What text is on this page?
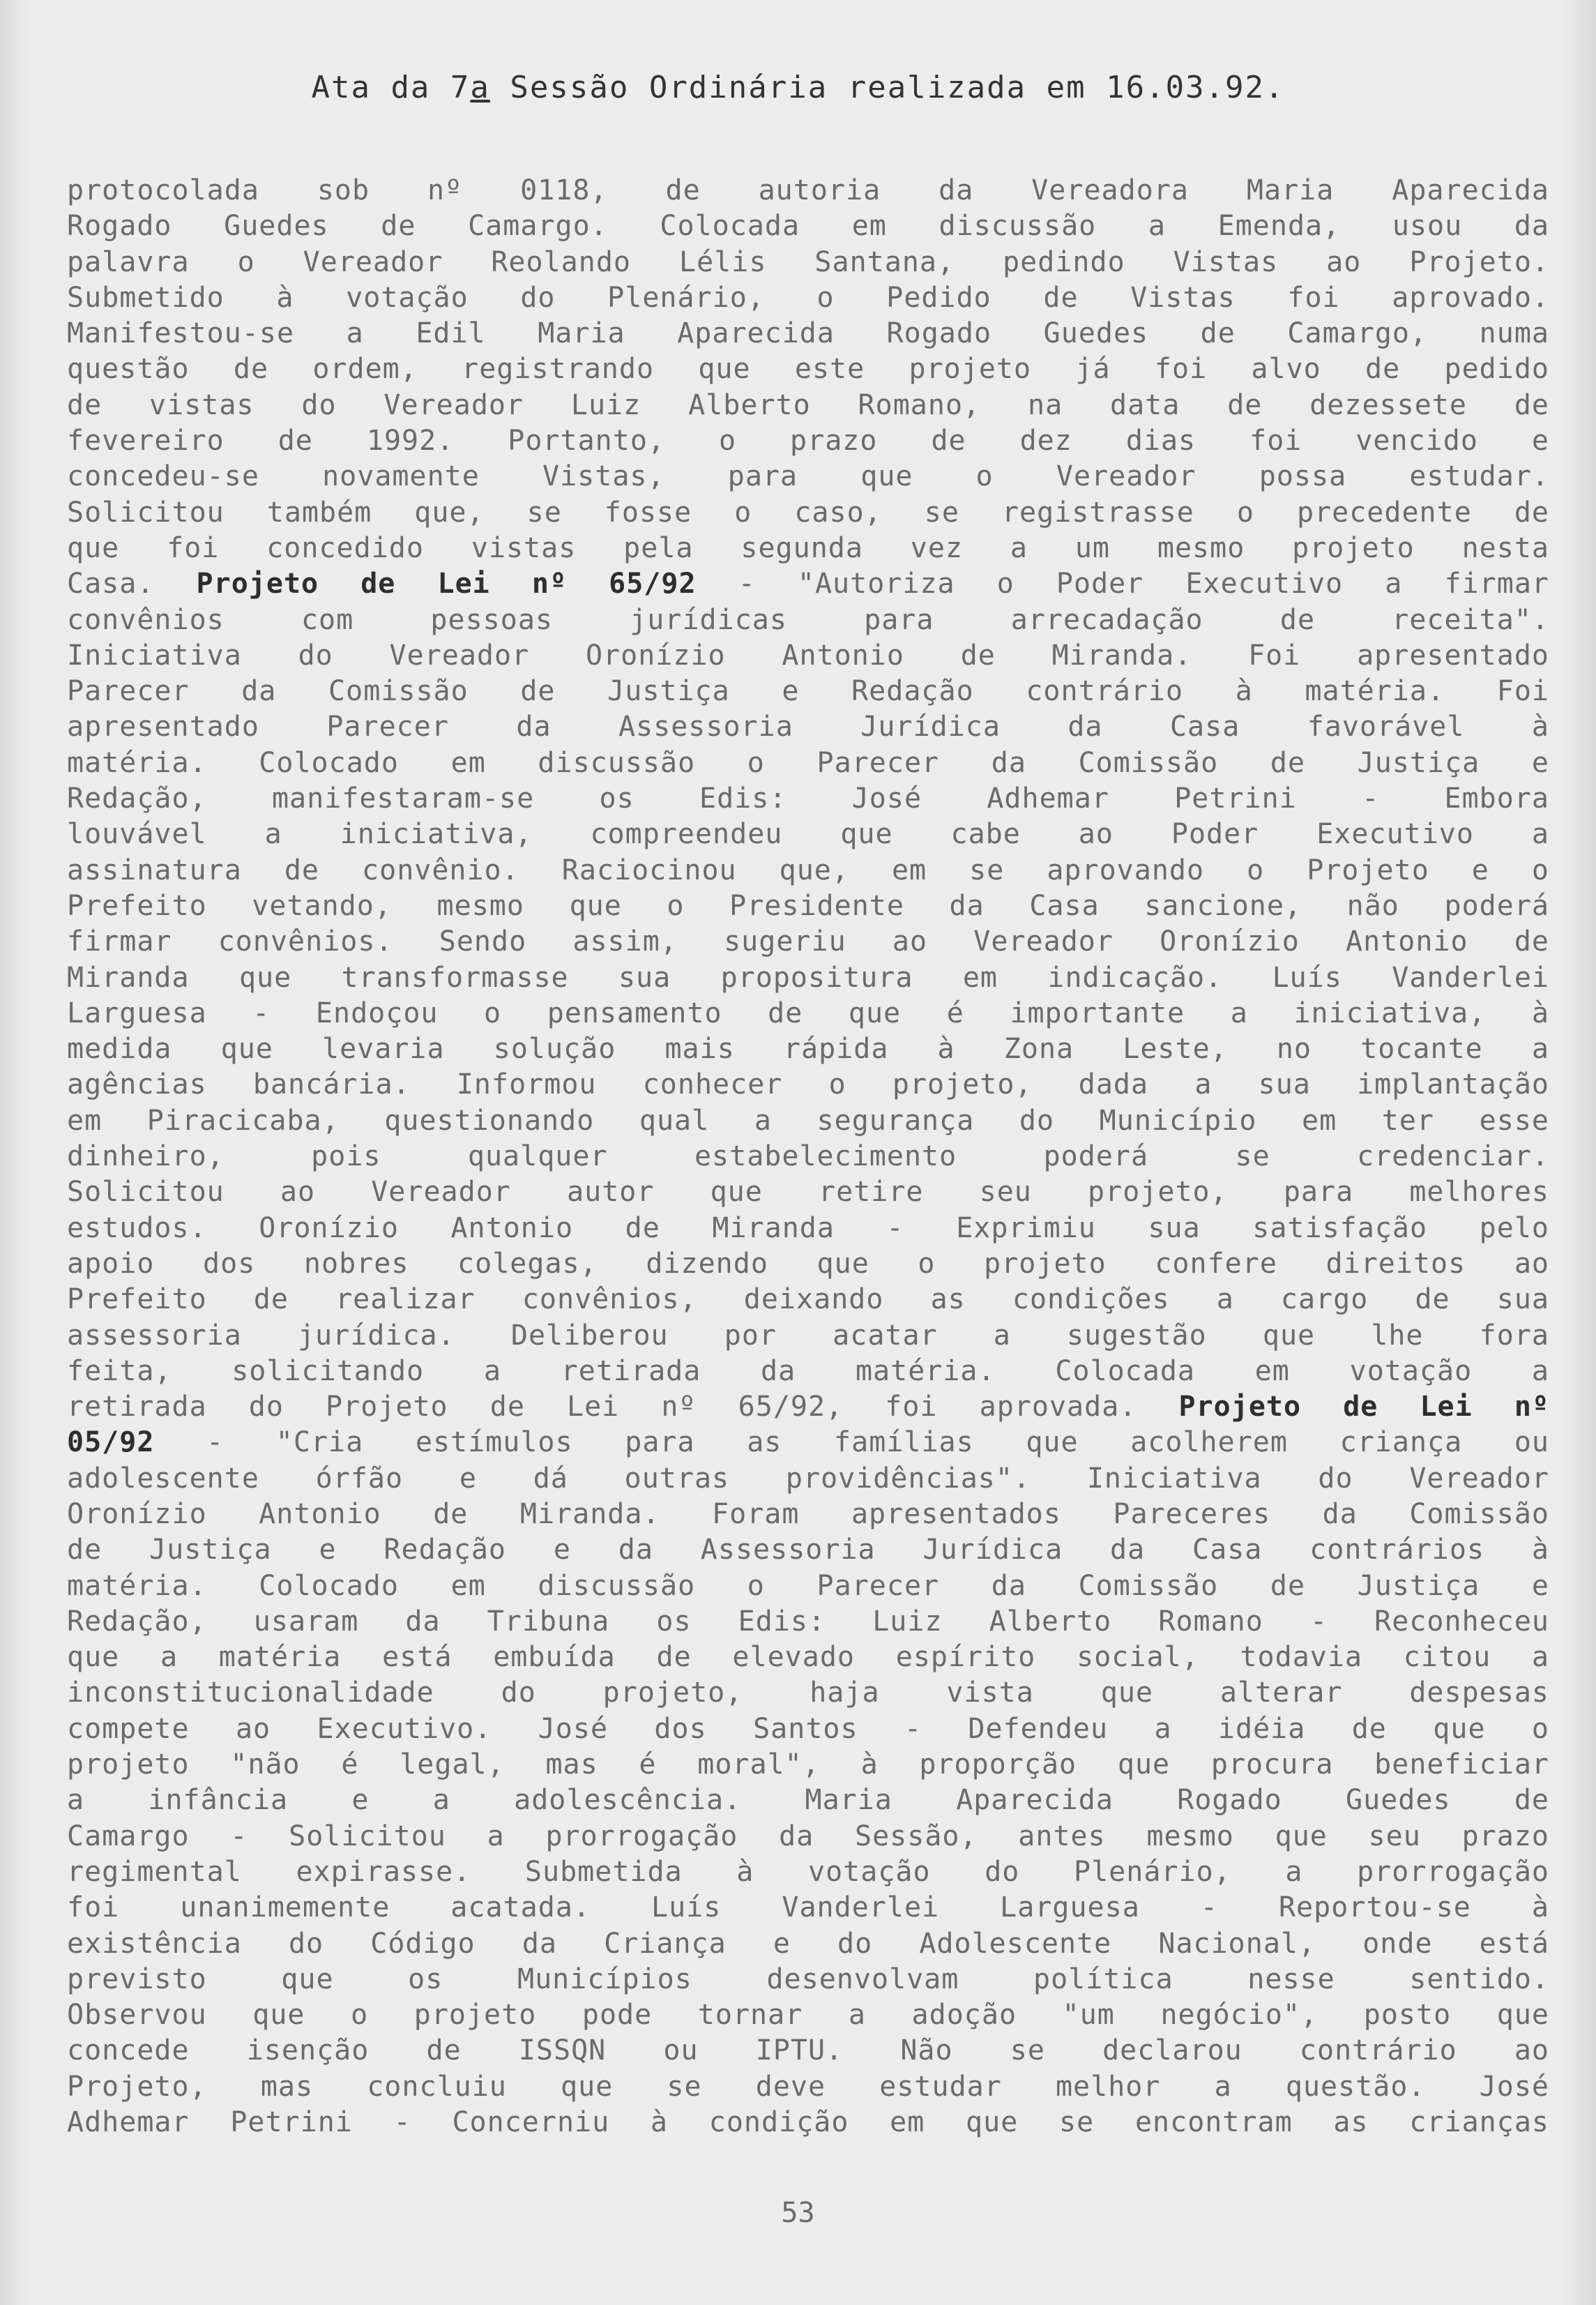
Ata da 7a Sessão Ordinária realizada em 16.03.92.
protocolada sob nº 0118, de autoria da Vereadora Maria Aparecida
Rogado Guedes de Camargo. Colocada em discussão a Emenda, usou da
palavra o Vereador Reolando Lélis Santana, pedindo Vistas ao Projeto.
Submetido à votação do Plenário, o Pedido de Vistas foi aprovado.
Manifestou-se a Edil Maria Aparecida Rogado Guedes de Camargo, numa
questão de ordem, registrando que este projeto já foi alvo de pedido
de vistas do Vereador Luiz Alberto Romano, na data de dezessete de
fevereiro de 1992. Portanto, o prazo de dez dias foi vencido e
concedeu-se novamente Vistas, para que o Vereador possa estudar.
Solicitou também que, se fosse o caso, se registrasse o precedente de
que foi concedido vistas pela segunda vez a um mesmo projeto nesta
Casa. Projeto de Lei nº 65/92 - "Autoriza o Poder Executivo a firmar
convênios com pessoas jurídicas para arrecadação de receita".
Iniciativa do Vereador Oronízio Antonio de Miranda. Foi apresentado
Parecer da Comissão de Justiça e Redação contrário à matéria. Foi
apresentado Parecer da Assessoria Jurídica da Casa favorável à
matéria. Colocado em discussão o Parecer da Comissão de Justiça e
Redação, manifestaram-se os Edis: José Adhemar Petrini - Embora
louvável a iniciativa, compreendeu que cabe ao Poder Executivo a
assinatura de convênio. Raciocinou que, em se aprovando o Projeto e o
Prefeito vetando, mesmo que o Presidente da Casa sancione, não poderá
firmar convênios. Sendo assim, sugeriu ao Vereador Oronízio Antonio de
Miranda que transformasse sua propositura em indicação. Luís Vanderlei
Larguesa - Endoçou o pensamento de que é importante a iniciativa, à
medida que levaria solução mais rápida à Zona Leste, no tocante a
agências bancária. Informou conhecer o projeto, dada a sua implantação
em Piracicaba, questionando qual a segurança do Município em ter esse
dinheiro, pois qualquer estabelecimento poderá se credenciar.
Solicitou ao Vereador autor que retire seu projeto, para melhores
estudos. Oronízio Antonio de Miranda - Exprimiu sua satisfação pelo
apoio dos nobres colegas, dizendo que o projeto confere direitos ao
Prefeito de realizar convênios, deixando as condições a cargo de sua
assessoria jurídica. Deliberou por acatar a sugestão que lhe fora
feita, solicitando a retirada da matéria. Colocada em votação a
retirada do Projeto de Lei nº 65/92, foi aprovada. Projeto de Lei nº
05/92 - "Cria estímulos para as famílias que acolherem criança ou
adolescente órfão e dá outras providências". Iniciativa do Vereador
Oronízio Antonio de Miranda. Foram apresentados Pareceres da Comissão
de Justiça e Redação e da Assessoria Jurídica da Casa contrários à
matéria. Colocado em discussão o Parecer da Comissão de Justiça e
Redação, usaram da Tribuna os Edis: Luiz Alberto Romano - Reconheceu
que a matéria está embuída de elevado espírito social, todavia citou a
inconstitucionalidade do projeto, haja vista que alterar despesas
compete ao Executivo. José dos Santos - Defendeu a idéia de que o
projeto "não é legal, mas é moral", à proporção que procura beneficiar
a infância e a adolescência. Maria Aparecida Rogado Guedes de
Camargo - Solicitou a prorrogação da Sessão, antes mesmo que seu prazo
regimental expirasse. Submetida à votação do Plenário, a prorrogação
foi unanimemente acatada. Luís Vanderlei Larguesa - Reportou-se à
existência do Código da Criança e do Adolescente Nacional, onde está
previsto que os Municípios desenvolvam política nesse sentido.
Observou que o projeto pode tornar a adoção "um negócio", posto que
concede isenção de ISSQN ou IPTU. Não se declarou contrário ao
Projeto, mas concluiu que se deve estudar melhor a questão. José
Adhemar Petrini - Concerniu à condição em que se encontram as crianças
53
